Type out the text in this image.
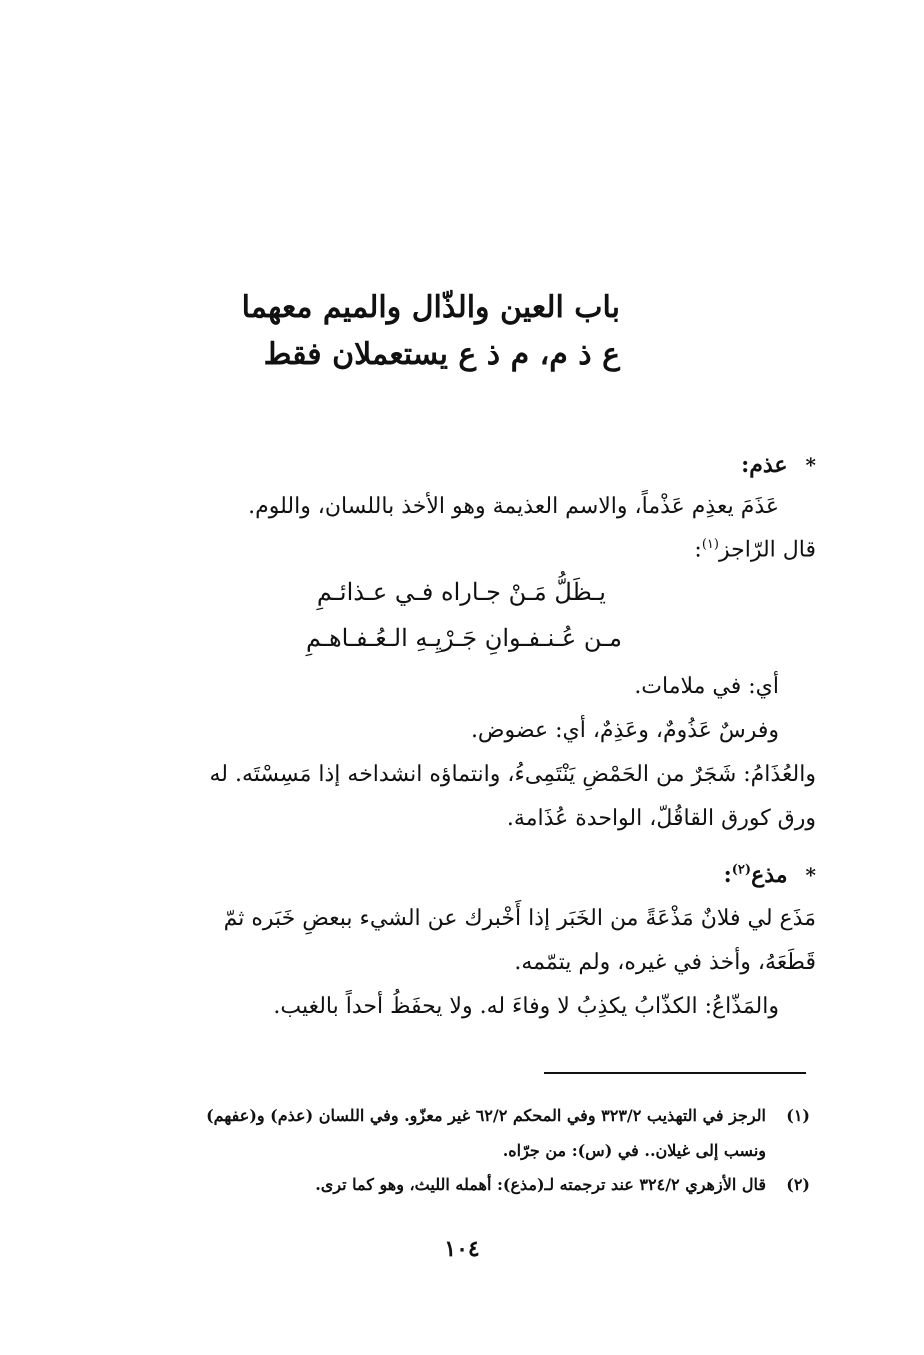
باب العين والذّال والميم معهما
ع ذ م، م ذ ع يستعملان فقط
*عذم:
عَذَمَ يعذِم عَذْماً، والاسم العذيمة وهو الأخذ باللسان، واللوم.
قال الرّاجز$^{(١)}$:
يـظَلُّ مَـنْ جـاراه فـي عـذائـمِ
مـن عُـنـفـوانِ جَـرْيِـهِ الـعُـفـاهـمِ
أي: في ملامات.
وفرسٌ عَذُومٌ، وعَذِمٌ، أي: عضوض.
والعُذَامُ: شَجَرٌ من الحَمْضِ يَنْتَمِىءُ، وانتماؤه انشداخه إذا مَسِسْتَه. له
ورق كورق القاقُلّ، الواحدة عُذَامة.
*مذع$^{(٢)}$:
مَذَع لي فلانٌ مَذْعَةً من الخَبَر إذا أَخْبرك عن الشيء ببعضِ خَبَره ثمّ
قَطَعَهُ، وأخذ في غيره، ولم يتمّمه.
والمَذّاعُ: الكذّابُ يكذِبُ لا وفاءَ له. ولا يحفَظُ أحداً بالغيب.
(١)الرجز في التهذيب ٣٢٣/٢ وفي المحكم ٦٢/٢ غير معزّو. وفي اللسان (عذم) و(عفهم)
ونسب إلى غيلان.. في (س): من جرّاه.
(٢)قال الأزهري ٣٢٤/٢ عند ترجمته لـ(مذع): أهمله الليث، وهو كما ترى.
١٠٤
